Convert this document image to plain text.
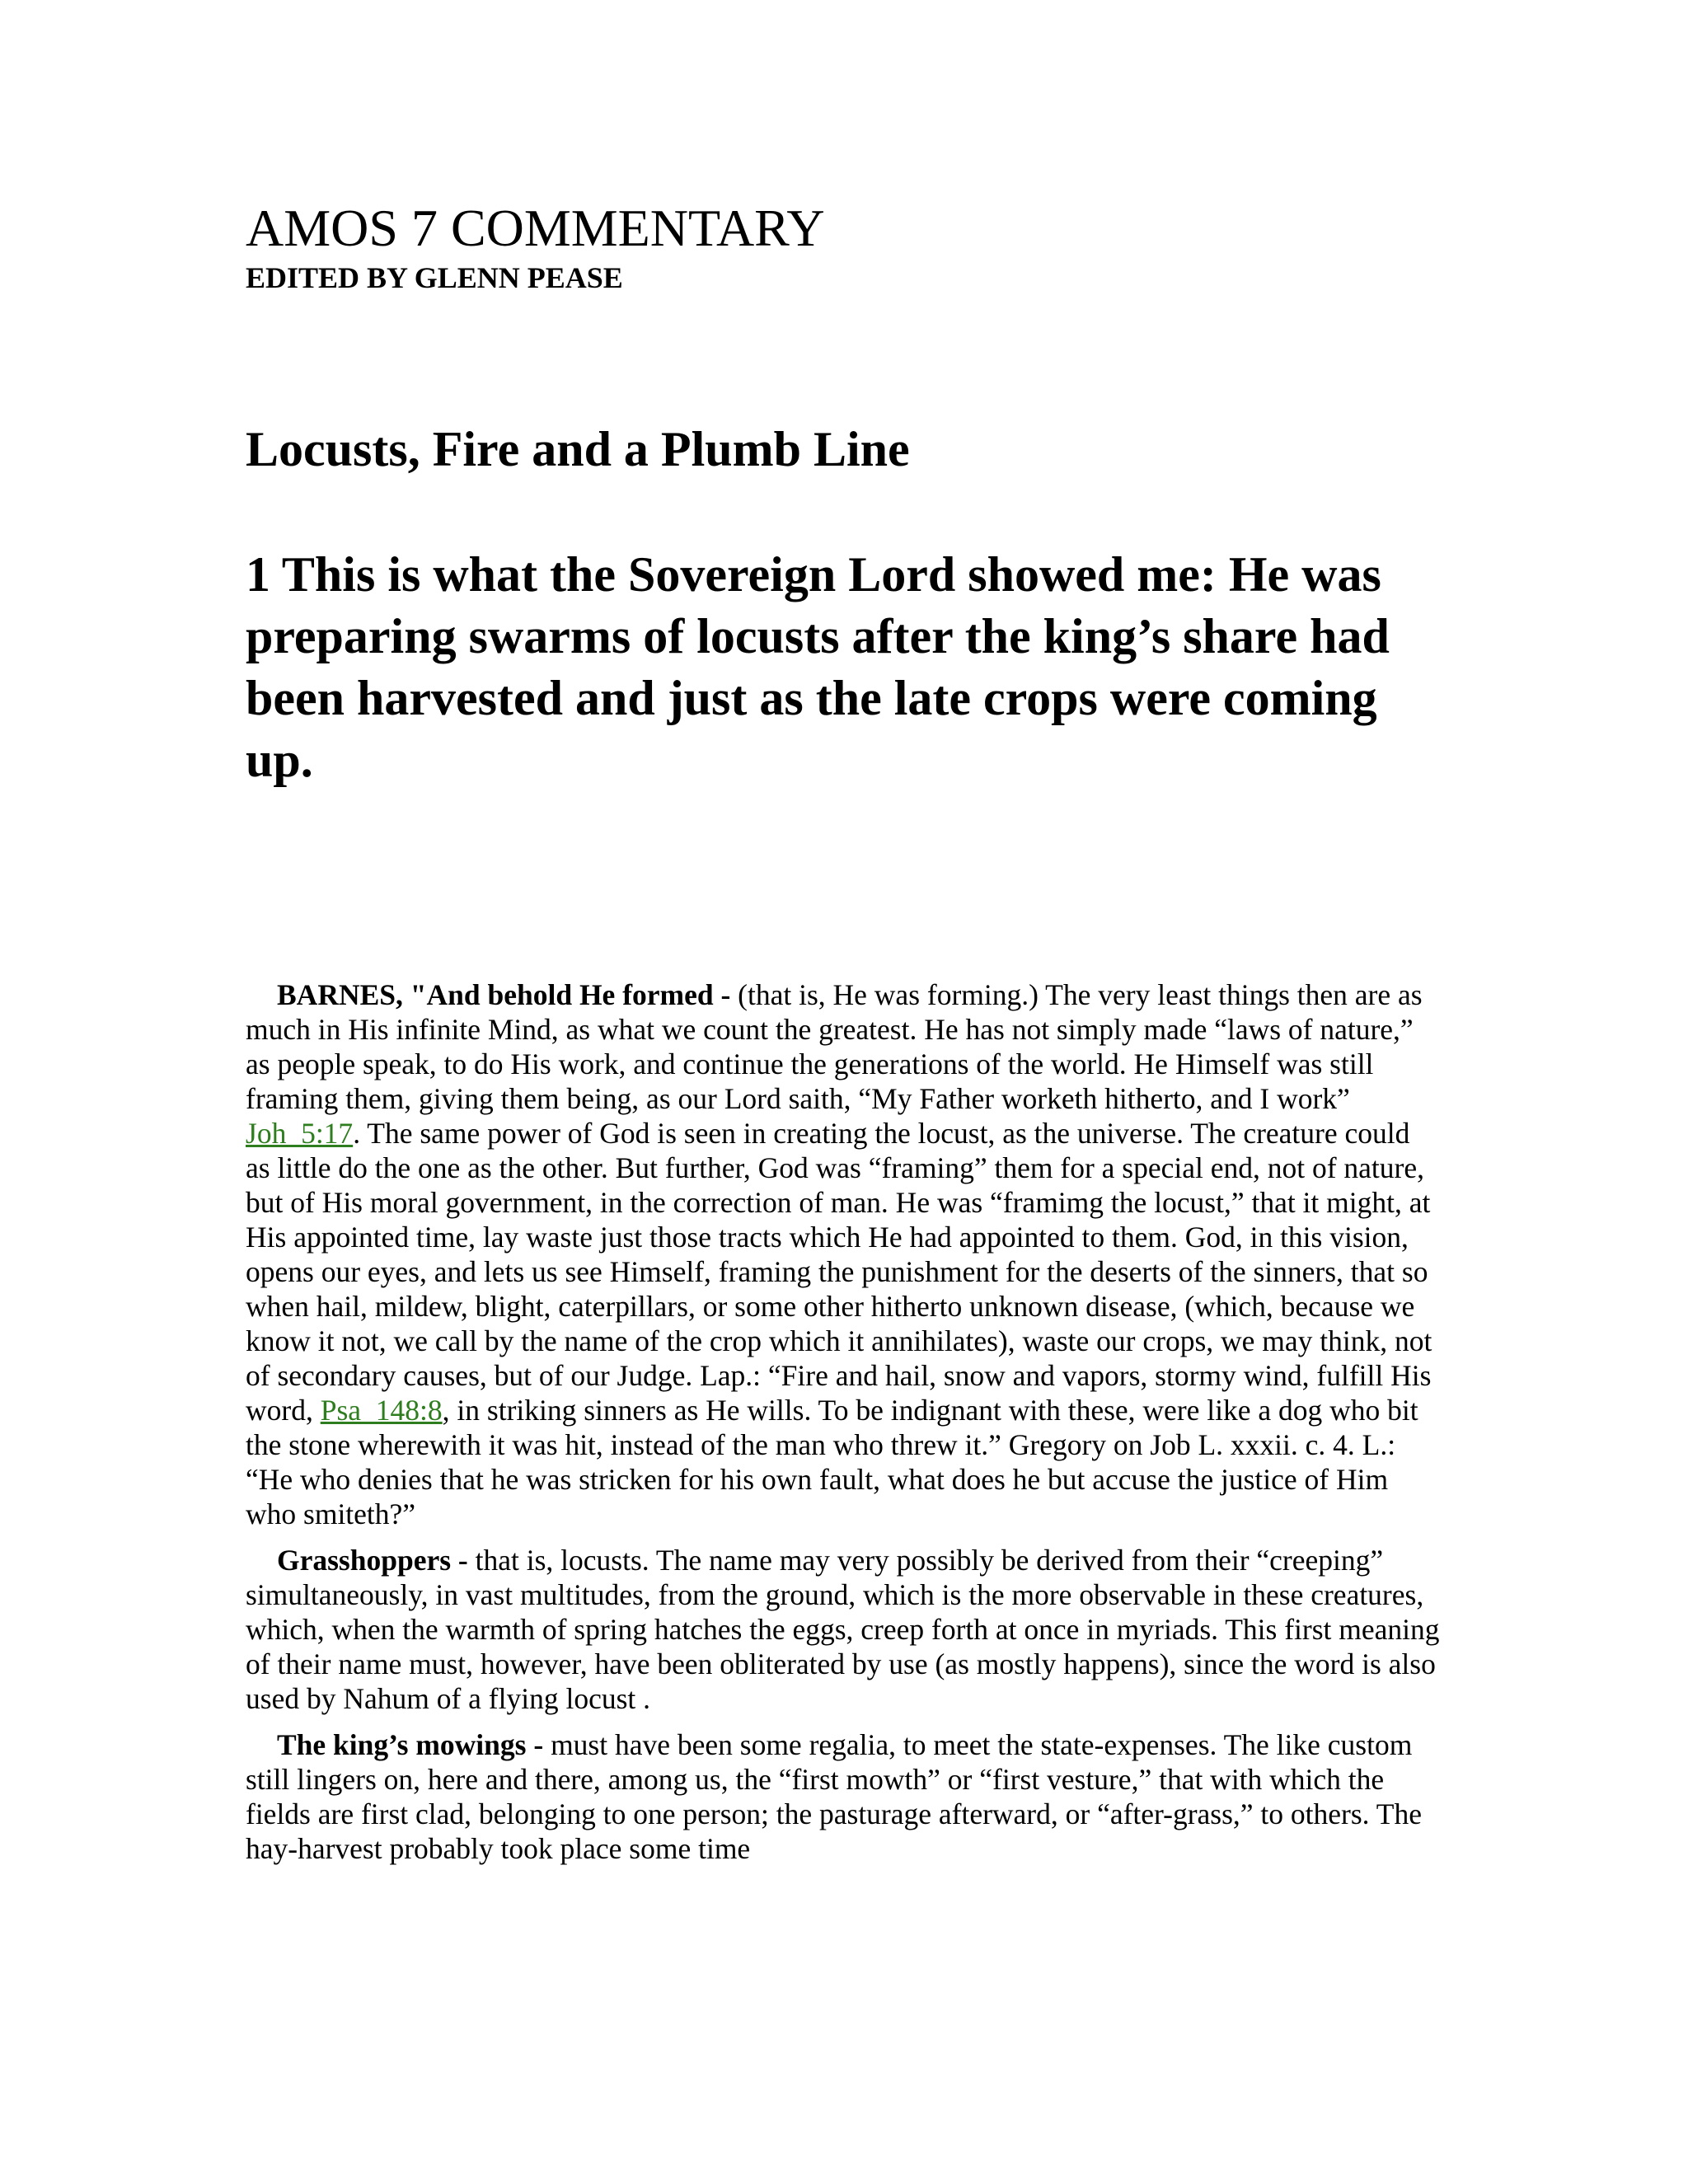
AMOS 7 COMMENTARY
EDITED BY GLENN PEASE
Locusts, Fire and a Plumb Line

1 This is what the Sovereign Lord showed me: He was preparing swarms of locusts after the king’s share had been harvested and just as the late crops were coming up.

BARNES, "And behold He formed - (that is, He was forming.) The very least things then are as much in His infinite Mind, as what we count the greatest. He has not simply made “laws of nature,” as people speak, to do His work, and continue the generations of the world. He Himself was still framing them, giving them being, as our Lord saith, “My Father worketh hitherto, and I work” Joh_5:17. The same power of God is seen in creating the locust, as the universe. The creature could as little do the one as the other. But further, God was “framing” them for a special end, not of nature, but of His moral government, in the correction of man. He was “framimg the locust,” that it might, at His appointed time, lay waste just those tracts which He had appointed to them. God, in this vision, opens our eyes, and lets us see Himself, framing the punishment for the deserts of the sinners, that so when hail, mildew, blight, caterpillars, or some other hitherto unknown disease, (which, because we know it not, we call by the name of the crop which it annihilates), waste our crops, we may think, not of secondary causes, but of our Judge. Lap.: “Fire and hail, snow and vapors, stormy wind, fulfill His word, Psa_148:8, in striking sinners as He wills. To be indignant with these, were like a dog who bit the stone wherewith it was hit, instead of the man who threw it.” Gregory on Job L. xxxii. c. 4. L.: “He who denies that he was stricken for his own fault, what does he but accuse the justice of Him who smiteth?”

Grasshoppers - that is, locusts. The name may very possibly be derived from their “creeping” simultaneously, in vast multitudes, from the ground, which is the more observable in these creatures, which, when the warmth of spring hatches the eggs, creep forth at once in myriads. This first meaning of their name must, however, have been obliterated by use (as mostly happens), since the word is also used by Nahum of a flying locust .

The king’s mowings - must have been some regalia, to meet the state-expenses. The like custom still lingers on, here and there, among us, the “first mowth” or “first vesture,” that with which the fields are first clad, belonging to one person; the pasturage afterward, or “after-grass,” to others. The hay-harvest probably took place some time
